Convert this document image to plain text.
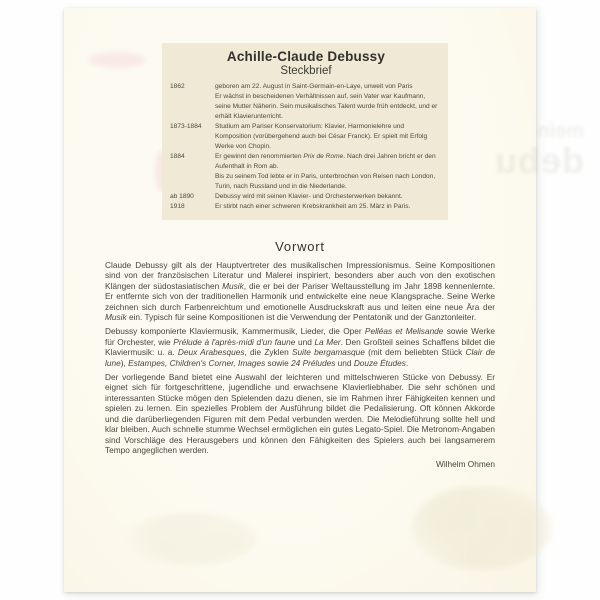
mein
debu
Achille-Claude Debussy
Steckbrief
1862	geboren am 22. August in Saint-Germain-en-Laye, unweit von Paris
Er wächst in bescheidenen Verhältnissen auf, sein Vater war Kaufmann, seine Mutter Näherin. Sein musikalisches Talent wurde früh entdeckt, und er erhält Klavierunterricht.
1873-1884	Studium am Pariser Konservatorium: Klavier, Harmonielehre und Komposition (vorübergehend auch bei César Franck). Er spielt mit Erfolg Werke von Chopin.
1884	Er gewinnt den renommierten Prix de Rome. Nach drei Jahren bricht er den Aufenthalt in Rom ab.
Bis zu seinem Tod lebte er in Paris, unterbrochen von Reisen nach London, Turin, nach Russland und in die Niederlande.
ab 1890	Debussy wird mit seinen Klavier- und Orchesterwerken bekannt.
1918	Er stirbt nach einer schweren Krebskrankheit am 25. März in Paris.
Vorwort

Claude Debussy gilt als der Hauptvertreter des musikalischen Impressionismus. Seine Kompositionen sind von der französischen Literatur und Malerei inspiriert, besonders aber auch von den exotischen Klängen der südostasiatischen Musik, die er bei der Pariser Weltausstellung im Jahr 1898 kennenlernte. Er entfernte sich von der traditionellen Harmonik und entwickelte eine neue Klangsprache. Seine Werke zeichnen sich durch Farbenreichtum und emotionelle Ausdruckskraft aus und leiten eine neue Ära der Musik ein. Typisch für seine Kompositionen ist die Verwendung der Pentatonik und der Ganztonleiter.

Debussy komponierte Klaviermusik, Kammermusik, Lieder, die Oper Pelléas et Melisande sowie Werke für Orchester, wie Prélude à l'après-midi d'un faune und La Mer. Den Großteil seines Schaffens bildet die Klaviermusik: u. a. Deux Arabesques, die Zyklen Suite bergamasque (mit dem beliebten Stück Clair de lune), Estampes, Children's Corner, Images sowie 24 Préludes und Douze Études.

Der vorliegende Band bietet eine Auswahl der leichteren und mittelschweren Stücke von Debussy. Er eignet sich für fortgeschrittene, jugendliche und erwachsene Klavierliebhaber. Die sehr schönen und interessanten Stücke mögen den Spielenden dazu dienen, sie im Rahmen ihrer Fähigkeiten kennen und spielen zu lernen. Ein spezielles Problem der Ausführung bildet die Pedalisierung. Oft können Akkorde und die darüberliegenden Figuren mit dem Pedal verbunden werden. Die Melodieführung sollte hell und klar bleiben. Auch schnelle stumme Wechsel ermöglichen ein gutes Legato-Spiel. Die Metronom-Angaben sind Vorschläge des Herausgebers und können den Fähigkeiten des Spielers auch bei langsamerem Tempo angeglichen werden.

Wilhelm Ohmen
